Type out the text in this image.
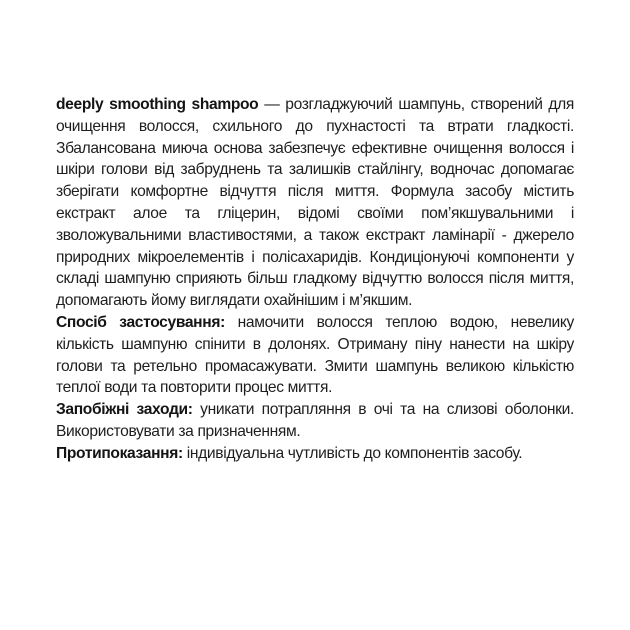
deeply smoothing shampoo — розгладжуючий шампунь, створений для очищення волосся, схильного до пухнастості та втрати гладкості. Збалансована миюча основа забезпечує ефективне очищення волосся і шкіри голови від забруднень та залишків стайлінгу, водночас допомагає зберігати комфортне відчуття після миття. Формула засобу містить екстракт алое та гліцерин, відомі своїми пом’якшувальними і зволожувальними властивостями, а також екстракт ламінарії - джерело природних мікроелементів і полісахаридів. Кондиціонуючі компоненти у складі шампуню сприяють більш гладкому відчуттю волосся після миття, допомагають йому виглядати охайнішим і м’якшим.

Спосіб застосування: намочити волосся теплою водою, невелику кількість шампуню спінити в долонях. Отриману піну нанести на шкіру голови та ретельно промасажувати. Змити шампунь великою кількістю теплої води та повторити процес миття.

Запобіжні заходи: уникати потрапляння в очі та на слизові оболонки. Використовувати за призначенням.

Протипоказання: індивідуальна чутливість до компонентів засобу.
